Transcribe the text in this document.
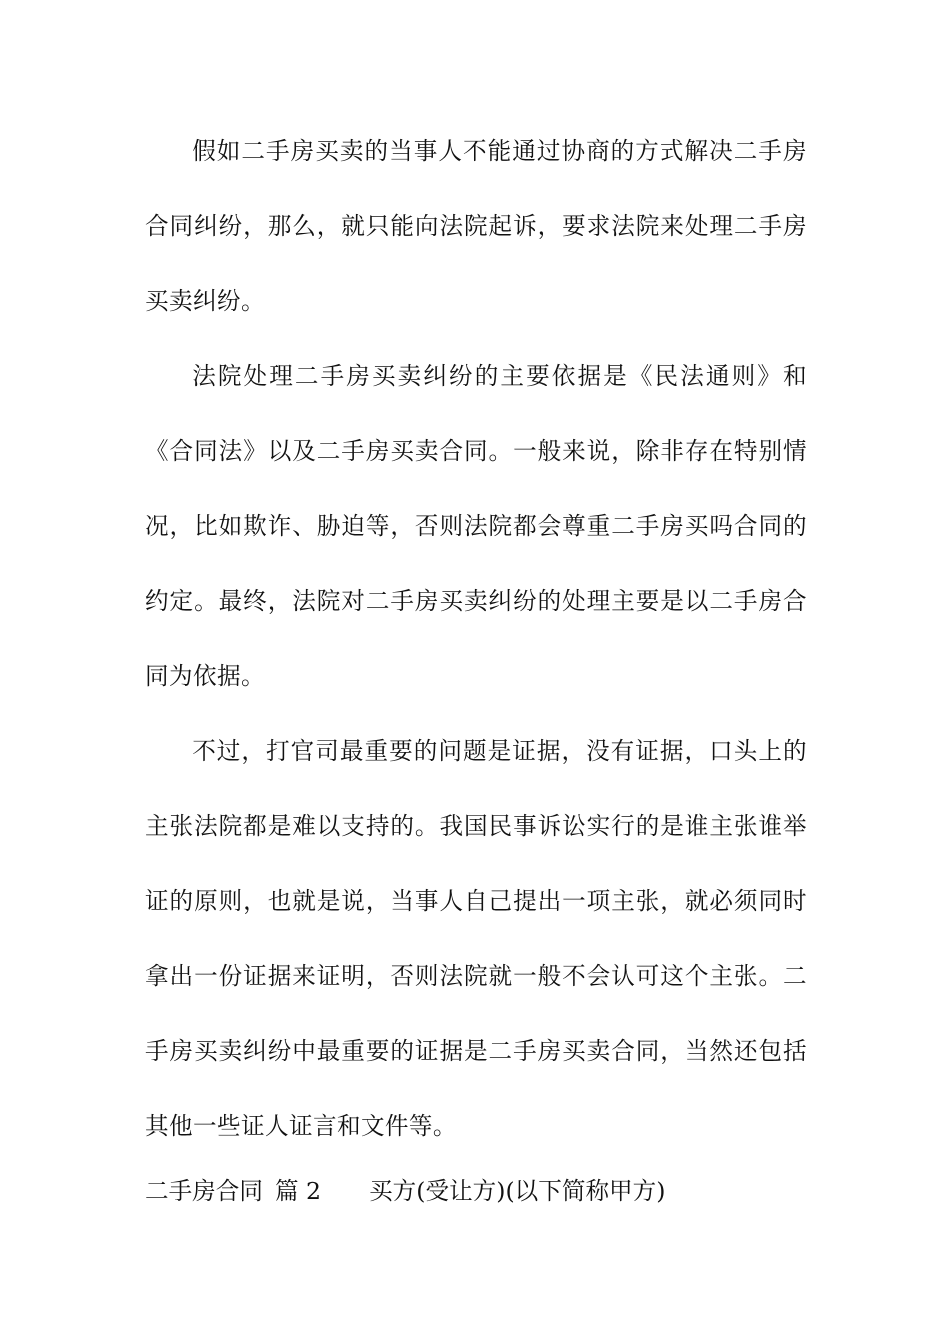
假如二手房买卖的当事人不能通过协商的方式解决二手房合同纠纷，那么，就只能向法院起诉，要求法院来处理二手房买卖纠纷。

法院处理二手房买卖纠纷的主要依据是《民法通则》和《合同法》以及二手房买卖合同。一般来说，除非存在特别情况，比如欺诈、胁迫等，否则法院都会尊重二手房买吗合同的约定。最终，法院对二手房买卖纠纷的处理主要是以二手房合同为依据。

不过，打官司最重要的问题是证据，没有证据，口头上的主张法院都是难以支持的。我国民事诉讼实行的是谁主张谁举证的原则，也就是说，当事人自己提出一项主张，就必须同时拿出一份证据来证明，否则法院就一般不会认可这个主张。二手房买卖纠纷中最重要的证据是二手房买卖合同，当然还包括其他一些证人证言和文件等。

二手房合同 篇 2 买方(受让方)(以下简称甲方)
